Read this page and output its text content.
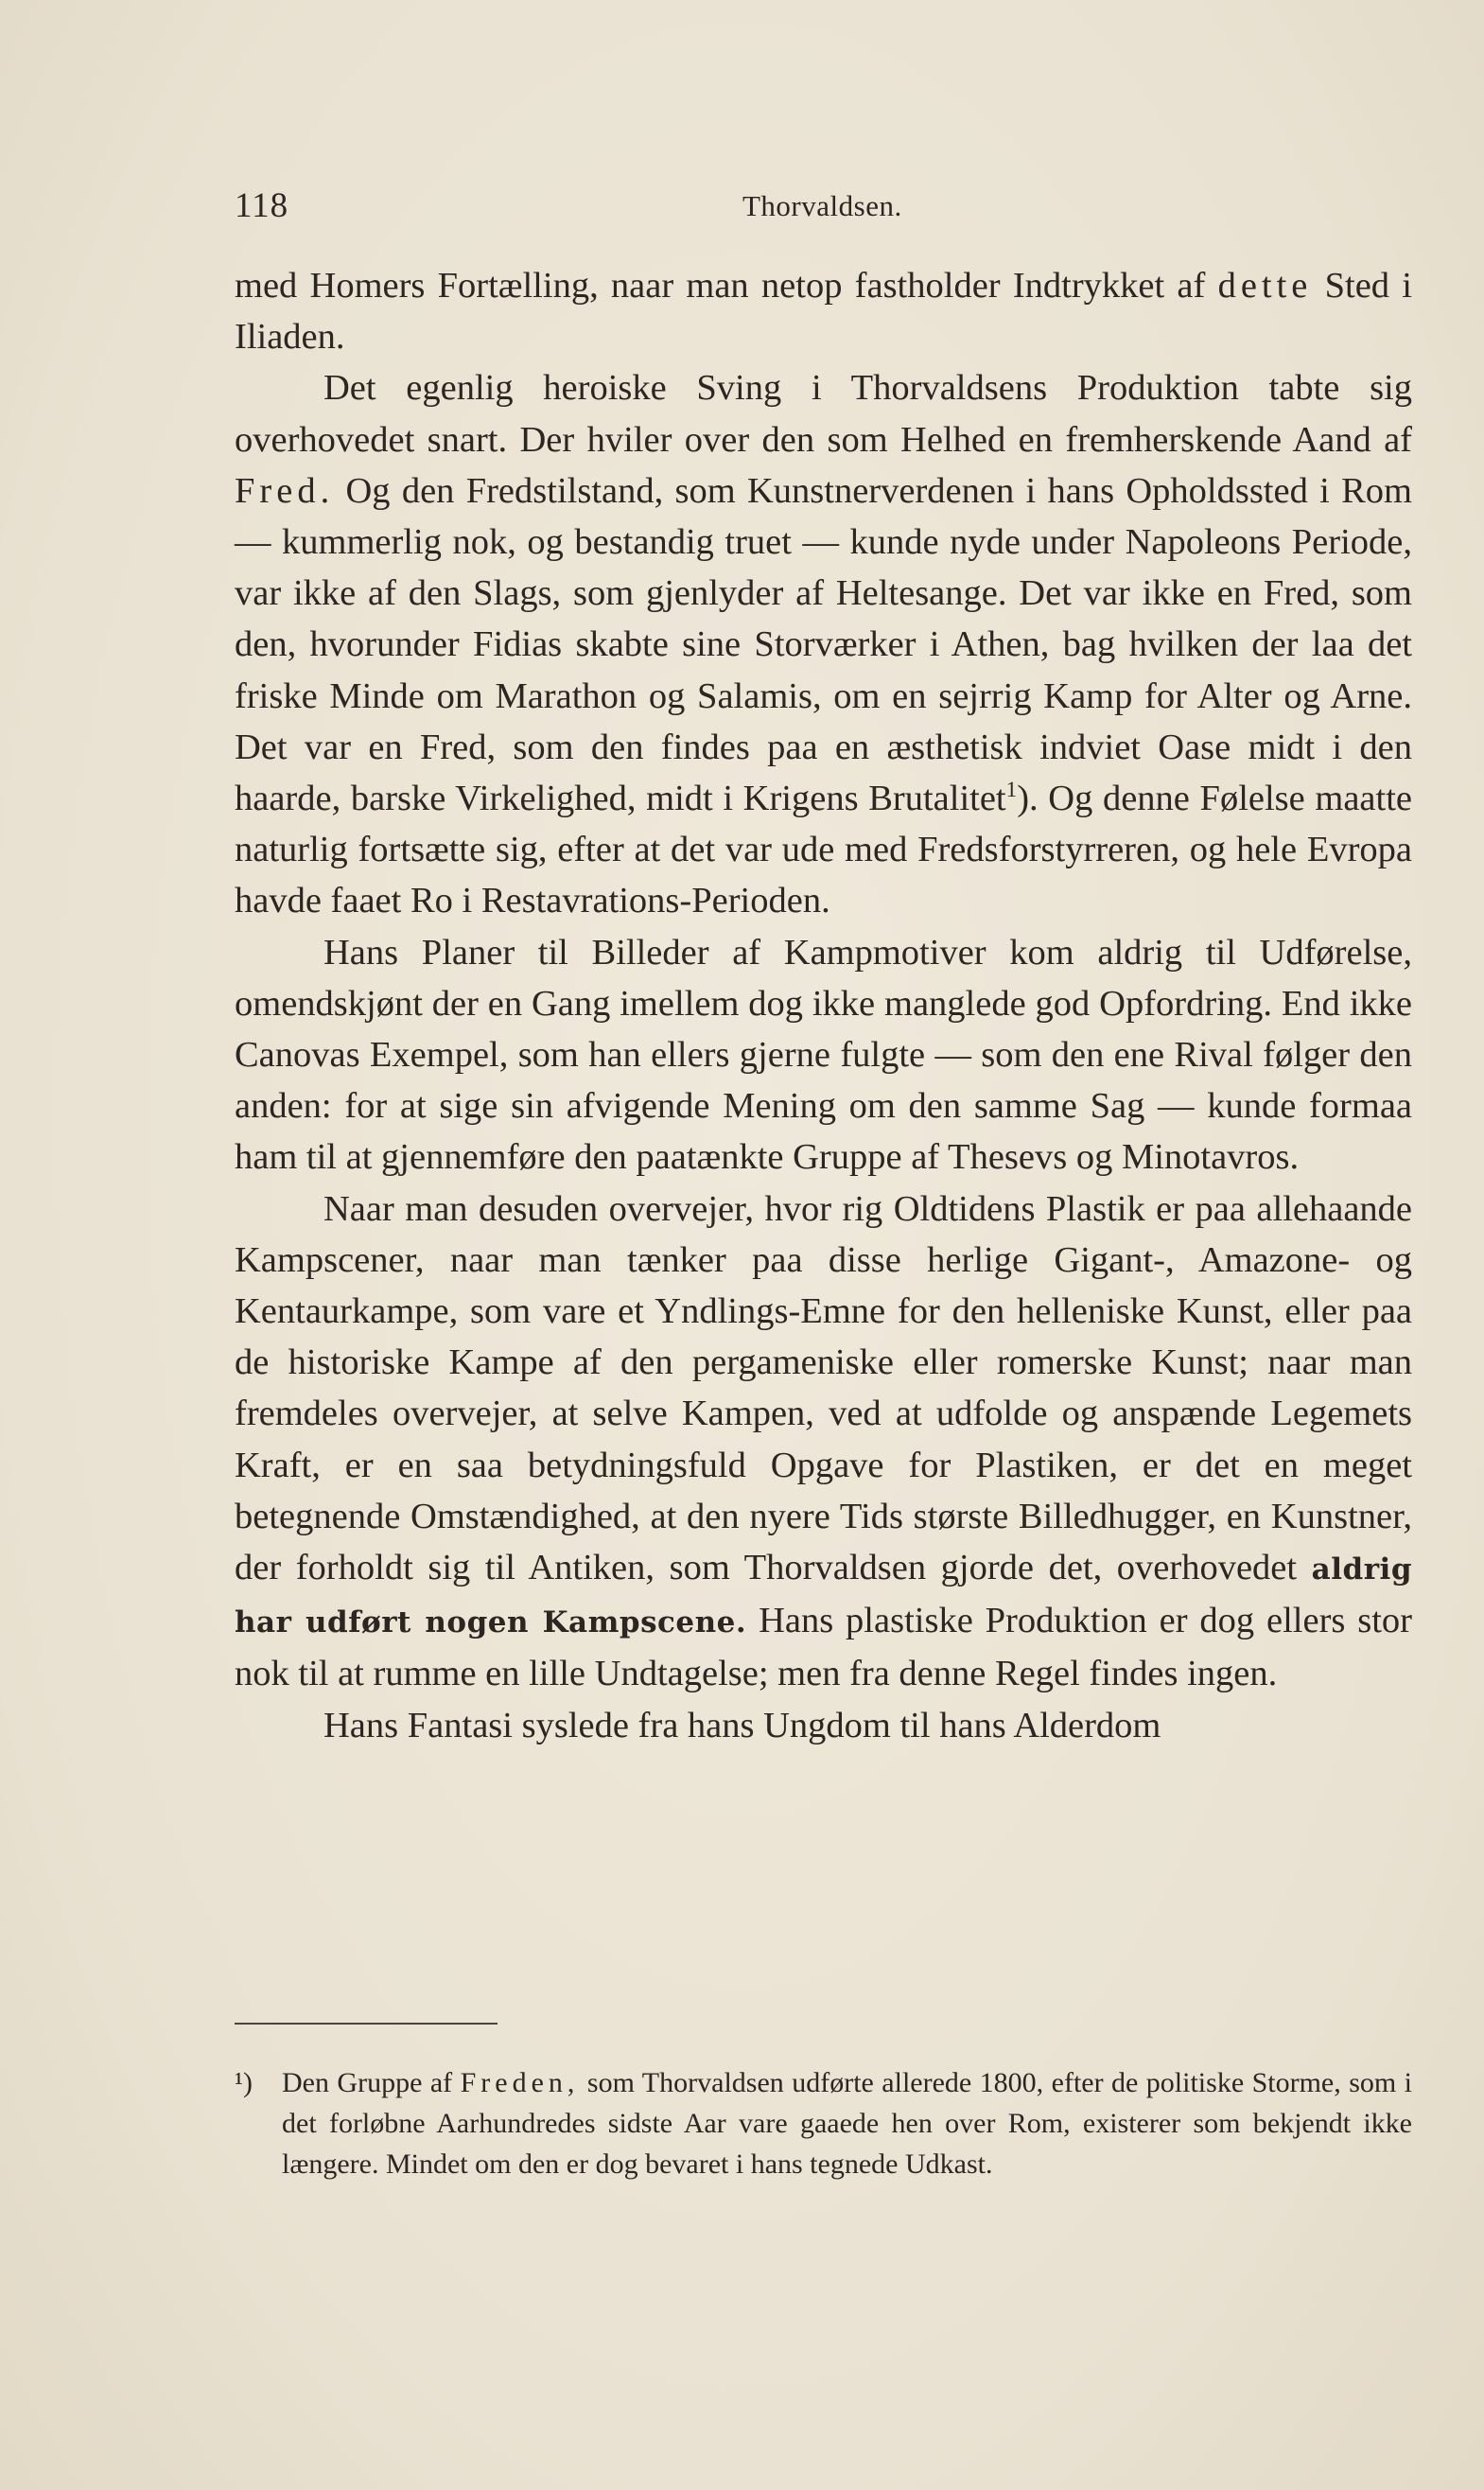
118	Thorvaldsen.

med Homers Fortælling, naar man netop fastholder Indtrykket af dette Sted i Iliaden.

Det egenlig heroiske Sving i Thorvaldsens Produktion tabte sig overhovedet snart. Der hviler over den som Helhed en fremherskende Aand af Fred. Og den Fredstilstand, som Kunstnerverdenen i hans Opholdssted i Rom — kummerlig nok, og bestandig truet — kunde nyde under Napoleons Periode, var ikke af den Slags, som gjenlyder af Heltesange. Det var ikke en Fred, som den, hvorunder Fidias skabte sine Storværker i Athen, bag hvilken der laa det friske Minde om Marathon og Salamis, om en sejrrig Kamp for Alter og Arne. Det var en Fred, som den findes paa en æsthetisk indviet Oase midt i den haarde, barske Virkelighed, midt i Krigens Brutalitet$^1$). Og denne Følelse maatte naturlig fortsætte sig, efter at det var ude med Fredsforstyrreren, og hele Evropa havde faaet Ro i Restavrations-Perioden.

Hans Planer til Billeder af Kampmotiver kom aldrig til Udførelse, omendskjønt der en Gang imellem dog ikke manglede god Opfordring. End ikke Canovas Exempel, som han ellers gjerne fulgte — som den ene Rival følger den anden: for at sige sin afvigende Mening om den samme Sag — kunde formaa ham til at gjennemføre den paatænkte Gruppe af Thesevs og Minotavros.

Naar man desuden overvejer, hvor rig Oldtidens Plastik er paa allehaande Kampscener, naar man tænker paa disse herlige Gigant-, Amazone- og Kentaurkampe, som vare et Yndlings-Emne for den helleniske Kunst, eller paa de historiske Kampe af den pergameniske eller romerske Kunst; naar man fremdeles overvejer, at selve Kampen, ved at udfolde og anspænde Legemets Kraft, er en saa betydningsfuld Opgave for Plastiken, er det en meget betegnende Omstændighed, at den nyere Tids største Billedhugger, en Kunstner, der forholdt sig til Antiken, som Thorvaldsen gjorde det, overhovedet aldrig har udført nogen Kampscene. Hans plastiske Produktion er dog ellers stor nok til at rumme en lille Undtagelse; men fra denne Regel findes ingen.

Hans Fantasi syslede fra hans Ungdom til hans Alderdom

¹) Den Gruppe af Freden, som Thorvaldsen udførte allerede 1800, efter de politiske Storme, som i det forløbne Aarhundredes sidste Aar vare gaaede hen over Rom, existerer som bekjendt ikke længere. Mindet om den er dog bevaret i hans tegnede Udkast.
